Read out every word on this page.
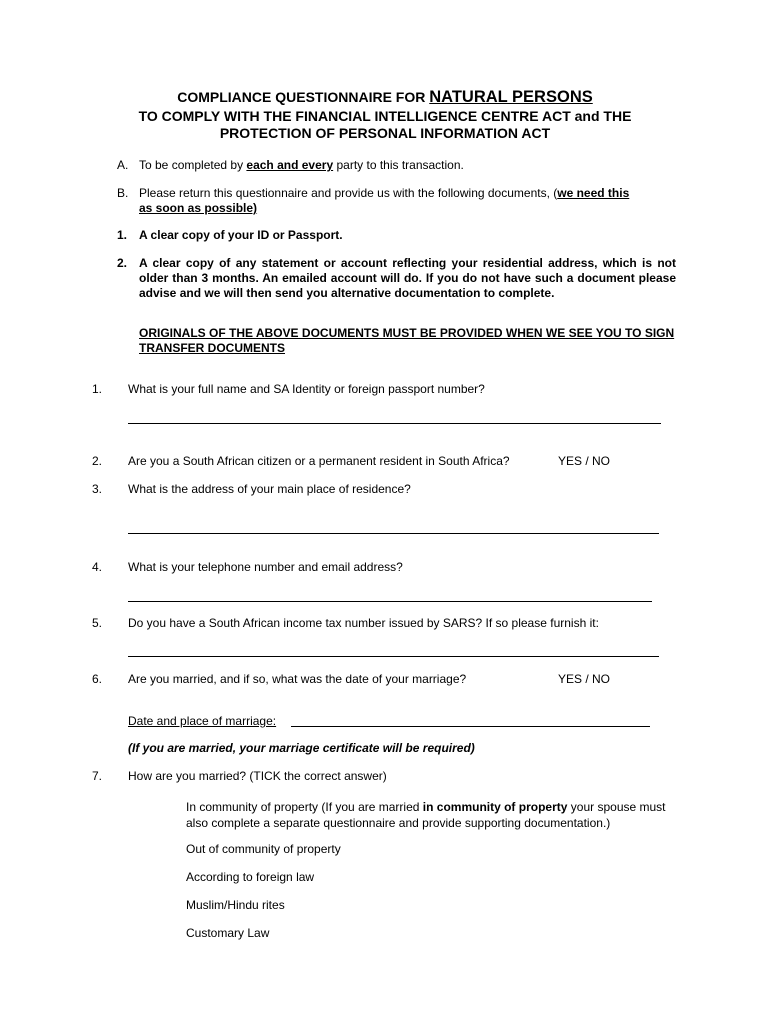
COMPLIANCE QUESTIONNAIRE FOR NATURAL PERSONS
TO COMPLY WITH THE FINANCIAL INTELLIGENCE CENTRE ACT and THE
PROTECTION OF PERSONAL INFORMATION ACT
A. To be completed by each and every party to this transaction.
B. Please return this questionnaire and provide us with the following documents, (we need this
as soon as possible)
1. A clear copy of your ID or Passport.
2. A clear copy of any statement or account reflecting your residential address, which is not older than 3 months. An emailed account will do. If you do not have such a document please advise and we will then send you alternative documentation to complete.
ORIGINALS OF THE ABOVE DOCUMENTS MUST BE PROVIDED WHEN WE SEE YOU TO SIGN TRANSFER DOCUMENTS
1. What is your full name and SA Identity or foreign passport number?
2. Are you a South African citizen or a permanent resident in South Africa?	YES / NO
3. What is the address of your main place of residence?
4. What is your telephone number and email address?
5. Do you have a South African income tax number issued by SARS? If so please furnish it:
6. Are you married, and if so, what was the date of your marriage?	YES / NO
Date and place of marriage:
(If you are married, your marriage certificate will be required)
7. How are you married? (TICK the correct answer)
In community of property (If you are married in community of property your spouse must also complete a separate questionnaire and provide supporting documentation.)
Out of community of property
According to foreign law
Muslim/Hindu rites
Customary Law
